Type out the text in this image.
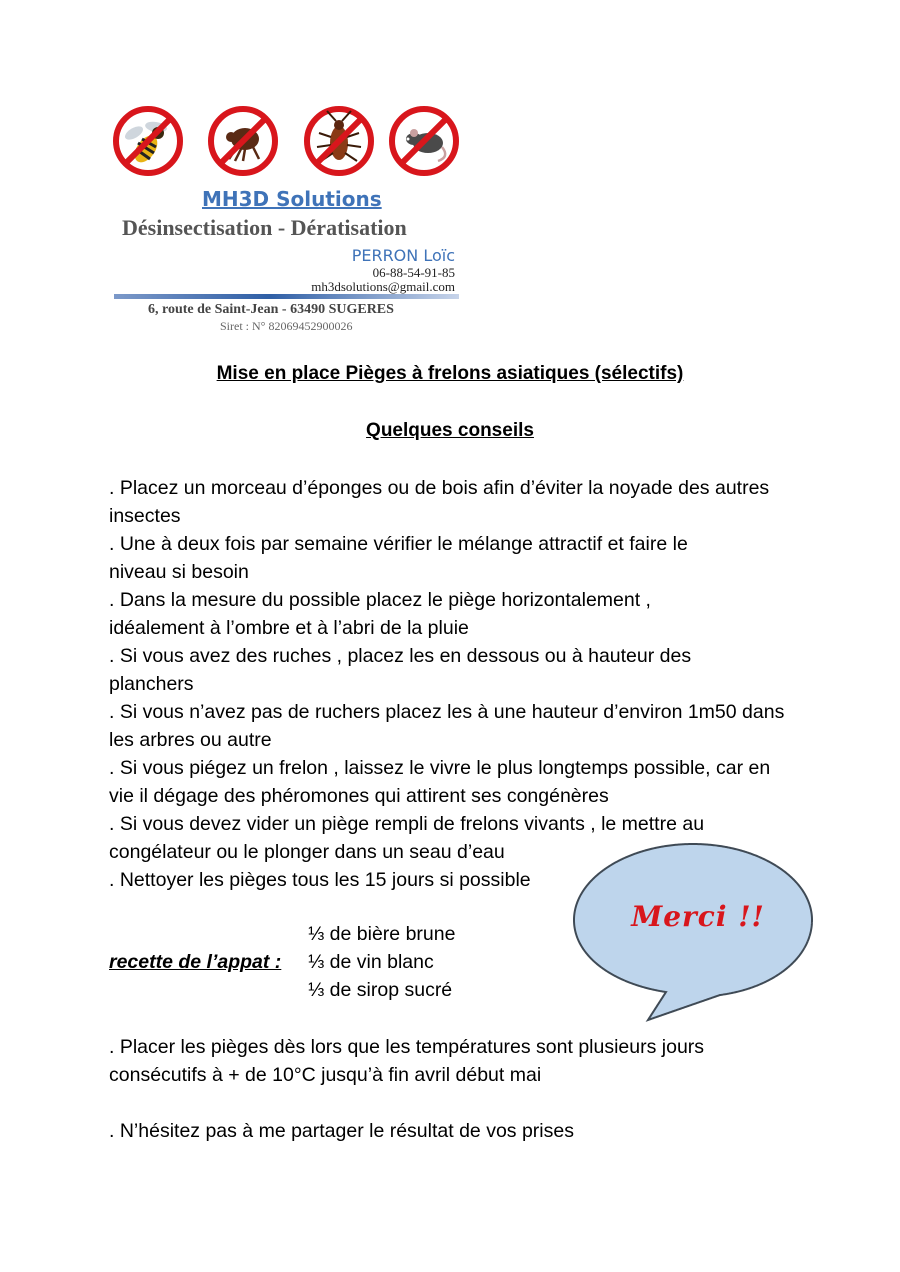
MH3D Solutions
Désinsectisation - Dératisation
PERRON Loïc
06-88-54-91-85
mh3dsolutions@gmail.com
6, route de Saint-Jean - 63490 SUGERES
Siret : N° 82069452900026
Mise en place Pièges à frelons asiatiques (sélectifs)
Quelques conseils
. Placez un morceau d’éponges ou de bois afin d’éviter la noyade des autres insectes
. Une à deux fois par semaine vérifier le mélange attractif et faire le niveau si besoin
. Dans la mesure du possible placez le piège horizontalement , idéalement à l’ombre et à l’abri de la pluie
. Si vous avez des ruches , placez les en dessous ou à hauteur des planchers
. Si vous n’avez pas de ruchers placez les à une hauteur d’environ 1m50 dans les arbres ou autre
. Si vous piégez un frelon , laissez le vivre le plus longtemps possible, car en vie il dégage des phéromones qui attirent ses congénères
. Si vous devez vider un piège rempli de frelons vivants , le mettre au congélateur ou le plonger dans un seau d’eau
. Nettoyer les pièges tous les 15 jours si possible
⅓ de bière brune
recette de l’appat : ⅓ de vin blanc
⅓ de sirop sucré
. Placer les pièges dès lors que les températures sont plusieurs jours consécutifs à + de 10°C jusqu’à fin avril début mai
. N’hésitez pas à me partager le résultat de vos prises
Merci !!
